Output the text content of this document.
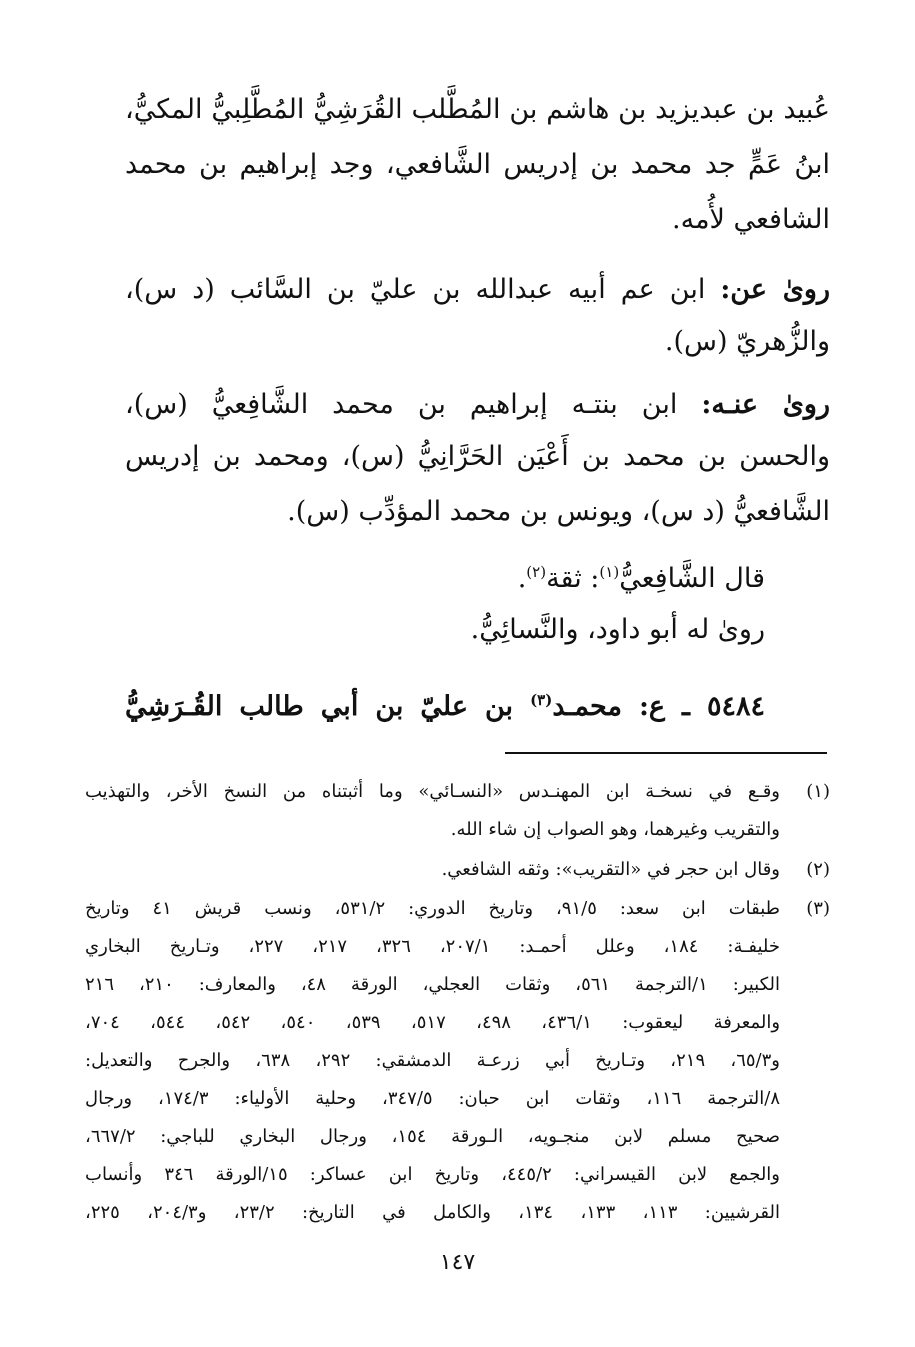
عُبيد بن عبديزيد بن هاشم بن المُطَّلب القُرَشِيُّ المُطَّلِبيُّ المكيُّ،
ابنُ عَمٍّ جد محمد بن إدريس الشَّافعي، وجد إبراهيم بن محمد
الشافعي لأُمه.
روىٰ عن: ابن عم أبيه عبدالله بن عليّ بن السَّائب (د س)،
والزُّهريّ (س).
روىٰ عنـه: ابن بنتـه إبراهيم بن محمد الشَّافِعيُّ (س)،
والحسن بن محمد بن أَعْيَن الحَرَّانِيُّ (س)، ومحمد بن إدريس
الشَّافعيُّ (د س)، ويونس بن محمد المؤدِّب (س).
قال الشَّافِعيُّ$^{(١)}$: ثقة$^{(٢)}$.
روىٰ له أبو داود، والنَّسائِيُّ.
٥٤٨٤ ـ ع: محمـد$^{(٣)}$ بن عليّ بن أبي طالب القُـرَشِيُّ
(١)
وقـع في نسخـة ابن المهنـدس «النسـائي» وما أثبتناه من النسخ الأخر، والتهذيب
والتقريب وغيرهما، وهو الصواب إن شاء الله.
(٢)
وقال ابن حجر في «التقريب»: وثقه الشافعي.
(٣)
طبقات ابن سعد: ٩١/٥، وتاريخ الدوري: ٥٣١/٢، ونسب قريش ٤١ وتاريخ
خليفـة: ١٨٤، وعلل أحمـد: ٢٠٧/١، ٣٢٦، ٢١٧، ٢٢٧، وتـاريخ البخاري
الكبير: ١/الترجمة ٥٦١، وثقات العجلي، الورقة ٤٨، والمعارف: ٢١٠، ٢١٦
والمعرفة ليعقوب: ٤٣٦/١، ٤٩٨، ٥١٧، ٥٣٩، ٥٤٠، ٥٤٢، ٥٤٤، ٧٠٤،
و٦٥/٣، ٢١٩، وتـاريخ أبي زرعـة الدمشقي: ٢٩٢، ٦٣٨، والجرح والتعديل:
٨/الترجمة ١١٦، وثقات ابن حبان: ٣٤٧/٥، وحلية الأولياء: ١٧٤/٣، ورجال
صحيح مسلم لابن منجـويه، الـورقة ١٥٤، ورجال البخاري للباجي: ٦٦٧/٢،
والجمع لابن القيسراني: ٤٤٥/٢، وتاريخ ابن عساكر: ١٥/الورقة ٣٤٦ وأنساب
القرشيين: ١١٣، ١٣٣، ١٣٤، والكامل في التاريخ: ٢٣/٢، و٢٠٤/٣، ٢٢٥،
١٤٧
